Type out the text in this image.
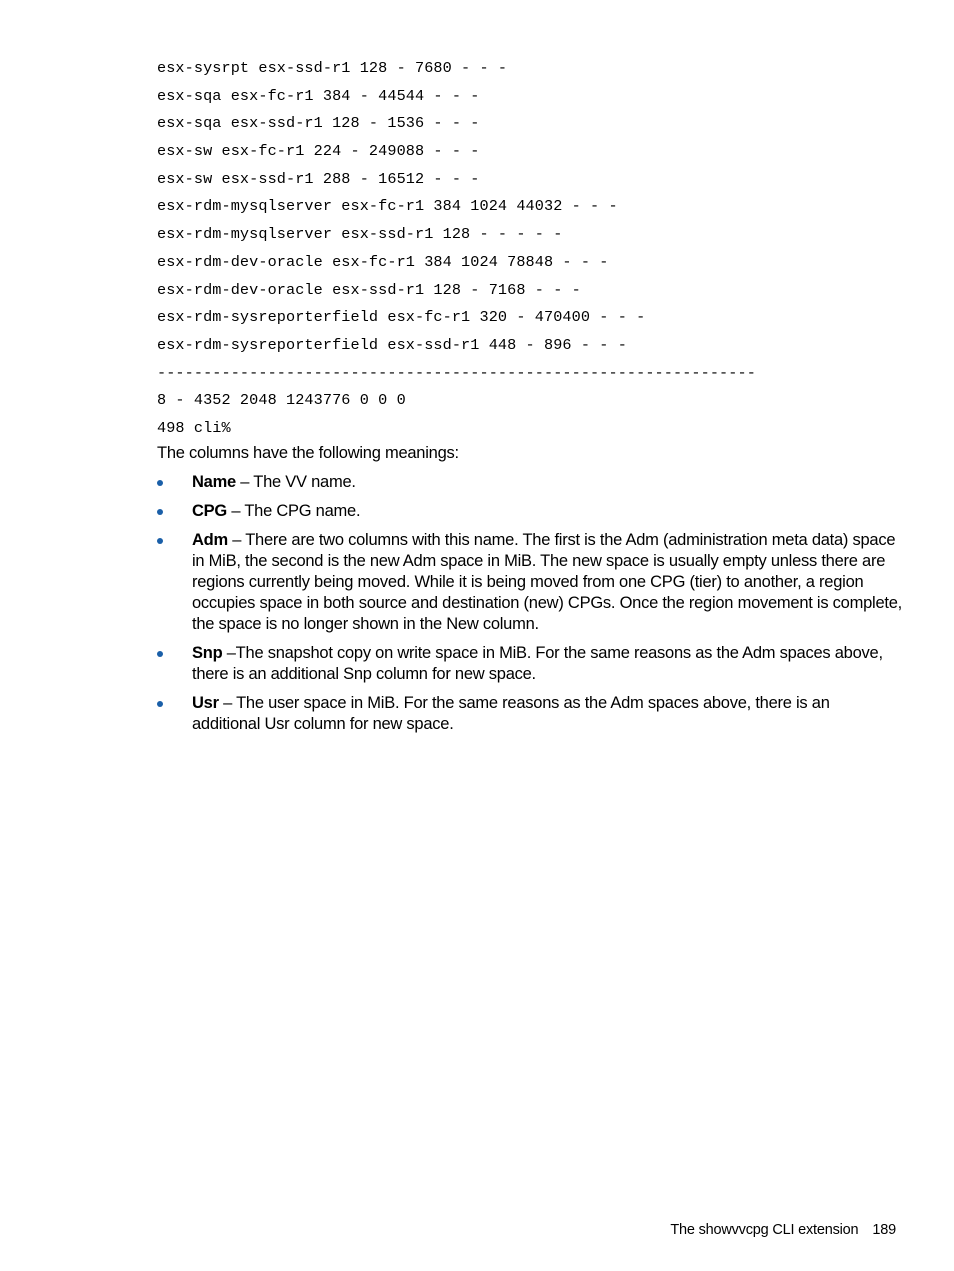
esx-sysrpt esx-ssd-r1 128 - 7680 - - -
esx-sqa esx-fc-r1 384 - 44544 - - -
esx-sqa esx-ssd-r1 128 - 1536 - - -
esx-sw esx-fc-r1 224 - 249088 - - -
esx-sw esx-ssd-r1 288 - 16512 - - -
esx-rdm-mysqlserver esx-fc-r1 384 1024 44032 - - -
esx-rdm-mysqlserver esx-ssd-r1 128 - - - - -
esx-rdm-dev-oracle esx-fc-r1 384 1024 78848 - - -
esx-rdm-dev-oracle esx-ssd-r1 128 - 7168 - - -
esx-rdm-sysreporterfield esx-fc-r1 320 - 470400 - - -
esx-rdm-sysreporterfield esx-ssd-r1 448 - 896 - - -
-----------------------------------------------------------------
8 - 4352 2048 1243776 0 0 0
498 cli%
The columns have the following meanings:
Name – The VV name.
CPG – The CPG name.
Adm – There are two columns with this name. The first is the Adm (administration meta data) space in MiB, the second is the new Adm space in MiB. The new space is usually empty unless there are regions currently being moved. While it is being moved from one CPG (tier) to another, a region occupies space in both source and destination (new) CPGs. Once the region movement is complete, the space is no longer shown in the New column.
Snp –The snapshot copy on write space in MiB. For the same reasons as the Adm spaces above, there is an additional Snp column for new space.
Usr – The user space in MiB. For the same reasons as the Adm spaces above, there is an additional Usr column for new space.
The showvvcpg CLI extension 189
